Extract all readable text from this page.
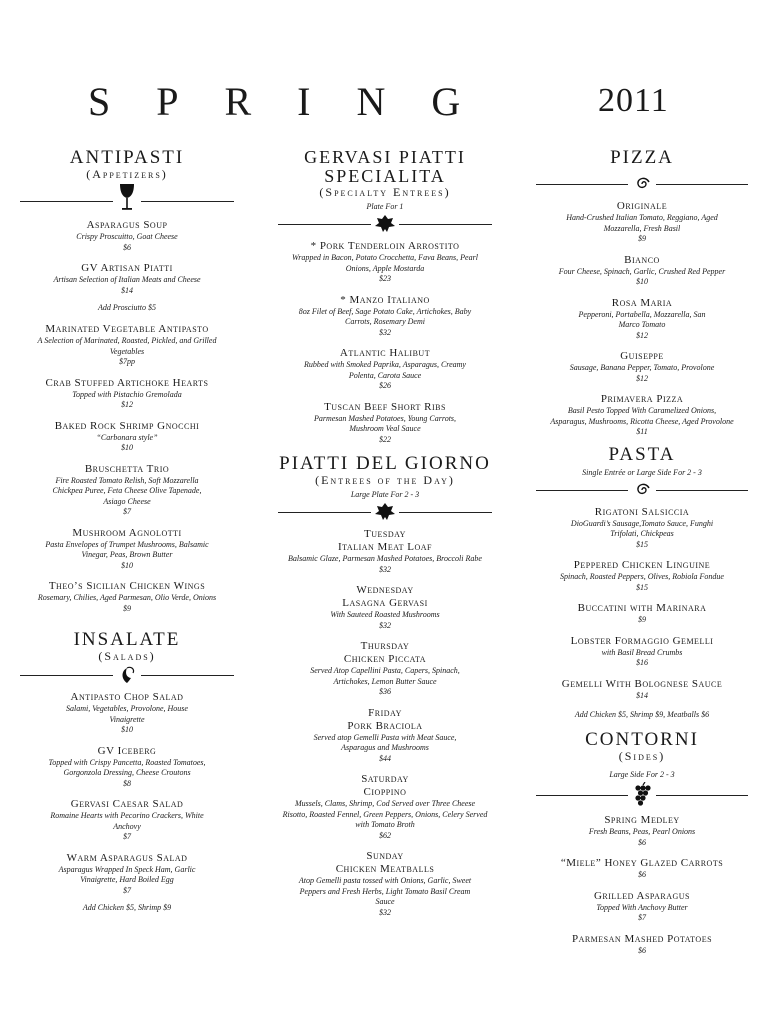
SPRING	2011
ANTIPASTI
(Appetizers)
Asparagus Soup
Crispy Proscuitto, Goat Cheese
$6
GV Artisan Piatti
Artisan Selection of Italian Meats and Cheese
$14
Add Prosciutto $5
Marinated Vegetable Antipasto
A Selection of Marinated, Roasted, Pickled, and Grilled Vegetables
$7pp
Crab Stuffed Artichoke Hearts
Topped with Pistachio Gremolada
$12
Baked Rock Shrimp Gnocchi
“Carbonara style”
$10
Bruschetta Trio
Fire Roasted Tomato Relish, Soft Mozzarella Chickpea Puree, Feta Cheese Olive Tapenade, Asiago Cheese
$7
Mushroom Agnolotti
Pasta Envelopes of Trumpet Mushrooms, Balsamic Vinegar, Peas, Brown Butter
$10
Theo’s Sicilian Chicken Wings
Rosemary, Chilies, Aged Parmesan, Olio Verde, Onions
$9
INSALATE
(Salads)
Antipasto Chop Salad
Salami, Vegetables, Provolone, House Vinaigrette
$10
GV Iceberg
Topped with Crispy Pancetta, Roasted Tomatoes, Gorgonzola Dressing, Cheese Croutons
$8
Gervasi Caesar Salad
Romaine Hearts with Pecorino Crackers, White Anchovy
$7
Warm Asparagus Salad
Asparagus Wrapped In Speck Ham, Garlic Vinaigrette, Hard Boiled Egg
$7
Add Chicken $5, Shrimp $9
GERVASI PIATTI SPECIALITA
(Specialty Entrees)
Plate For 1
* Pork Tenderloin Arrostito
Wrapped in Bacon, Potato Crocchetta, Fava Beans, Pearl Onions, Apple Mostarda
$23
* Manzo Italiano
8oz Filet of Beef, Sage Potato Cake, Artichokes, Baby Carrots, Rosemary Demi
$32
Atlantic Halibut
Rubbed with Smoked Paprika, Asparagus, Creamy Polenta, Carota Sauce
$26
Tuscan Beef Short Ribs
Parmesan Mashed Potatoes, Young Carrots, Mushroom Veal Sauce
$22
PIATTI DEL GIORNO
(Entrees of the Day)
Large Plate For 2 - 3
Tuesday
Italian Meat Loaf
Balsamic Glaze, Parmesan Mashed Potatoes, Broccoli Rabe
$32
Wednesday
Lasagna Gervasi
With Sauteed Roasted Mushrooms
$32
Thursday
Chicken Piccata
Served Atop Capellini Pasta, Capers, Spinach, Artichokes, Lemon Butter Sauce
$36
Friday
Pork Braciola
Served atop Gemelli Pasta with Meat Sauce, Asparagus and Mushrooms
$44
Saturday
Cioppino
Mussels, Clams, Shrimp, Cod Served over Three Cheese Risotto, Roasted Fennel, Green Peppers, Onions, Celery Served with Tomato Broth
$62
Sunday
Chicken Meatballs
Atop Gemelli pasta tossed with Onions, Garlic, Sweet Peppers and Fresh Herbs, Light Tomato Basil Cream Sauce
$32
PIZZA
Originale
Hand-Crushed Italian Tomato, Reggiano, Aged Mozzarella, Fresh Basil
$9
Bianco
Four Cheese, Spinach, Garlic, Crushed Red Pepper
$10
Rosa Maria
Pepperoni, Portabella, Mozzarella, San Marco Tomato
$12
Guiseppe
Sausage, Banana Pepper, Tomato, Provolone
$12
Primavera Pizza
Basil Pesto Topped With Caramelized Onions, Asparagus, Mushrooms, Ricotta Cheese, Aged Provolone
$11
PASTA
Single Entrée or Large Side For 2 - 3
Rigatoni Salsiccia
DioGuardi’s Sausage,Tomato Sauce, Funghi Trifolati, Chickpeas
$15
Peppered Chicken Linguine
Spinach, Roasted Peppers, Olives, Robiola Fondue
$15
Buccatini with Marinara
$9
Lobster Formaggio Gemelli
with Basil Bread Crumbs
$16
Gemelli With Bolognese Sauce
$14
Add Chicken $5, Shrimp $9, Meatballs $6
CONTORNI
(Sides)
Large Side For 2 - 3
Spring Medley
Fresh Beans, Peas, Pearl Onions
$6
“Miele” Honey Glazed Carrots
$6
Grilled Asparagus
Topped With Anchovy Butter
$7
Parmesan Mashed Potatoes
$6
